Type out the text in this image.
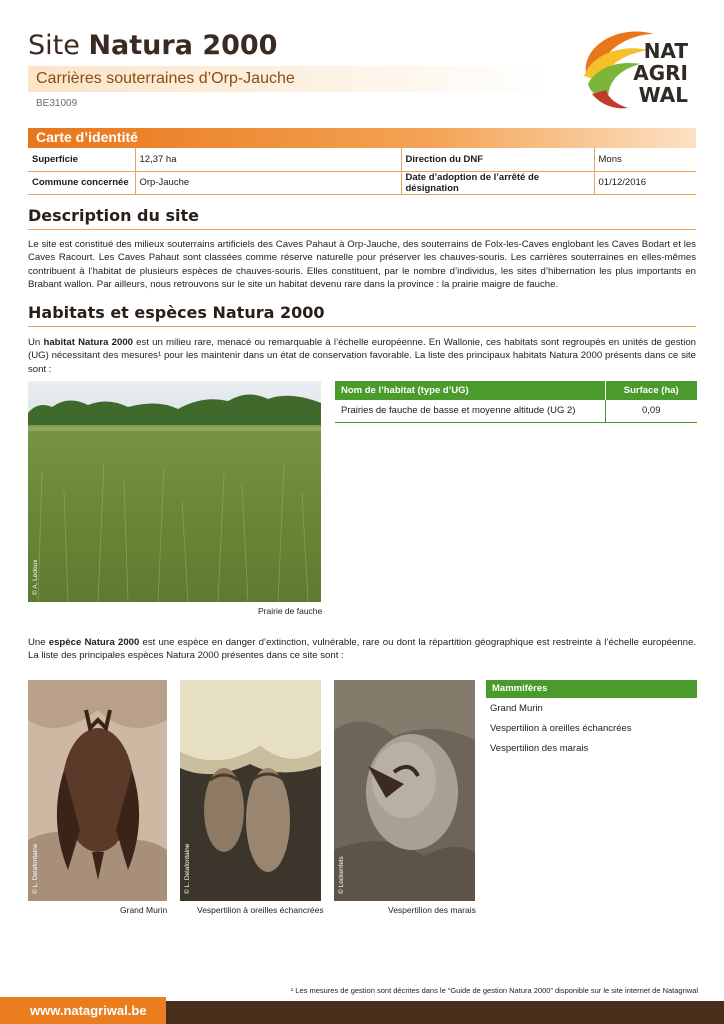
Site Natura 2000
Carrières souterraines d’Orp-Jauche
BE31009
NAT
AGRI
WAL
Carte d’identité
Superficie	12,37 ha	Direction du DNF	Mons
Commune concernée	Orp-Jauche	Date d’adoption de l’arrêté de désignation	01/12/2016
Description du site
Le site est constitué des milieux souterrains artificiels des Caves Pahaut à Orp-Jauche, des souterrains de Folx-les-Caves englobant les Caves Bodart et les Caves Racourt. Les Caves Pahaut sont classées comme réserve naturelle pour préserver les chauves-souris. Les carrières souterraines en elles-mêmes contribuent à l’habitat de plusieurs espèces de chauves-souris. Elles constituent, par le nombre d’individus, les sites d’hibernation les plus importants en Brabant wallon. Par ailleurs, nous retrouvons sur le site un habitat devenu rare dans la province : la prairie maigre de fauche.
Habitats et espèces Natura 2000
Un habitat Natura 2000 est un milieu rare, menacé ou remarquable à l’échelle européenne. En Wallonie, ces habitats sont regroupés en unités de gestion (UG) nécessitant des mesures¹ pour les maintenir dans un état de conservation favorable. La liste des principaux habitats Natura 2000 présents dans ce site sont :
© A. Ledoux
Prairie de fauche
Nom de l’habitat (type d’UG)	Surface (ha)
Prairies de fauche de basse et moyenne altitude (UG 2)	0,09
Une espèce Natura 2000 est une espèce en danger d’extinction, vulnérable, rare ou dont la répartition géographique est restreinte à l’échelle européenne. La liste des principales espèces Natura 2000 présentes dans ce site sont :
© L. Delafontaine
Grand Murin
© L. Delafontaine
Vespertilion à oreilles échancrées
© Lockenfels
Vespertilion des marais
Mammifères
Grand Murin
Vespertilion à oreilles échancrées
Vespertilion des marais
¹ Les mesures de gestion sont décrites dans le “Guide de gestion Natura 2000” disponible sur le site internet de Natagriwal
www.natagriwal.be
